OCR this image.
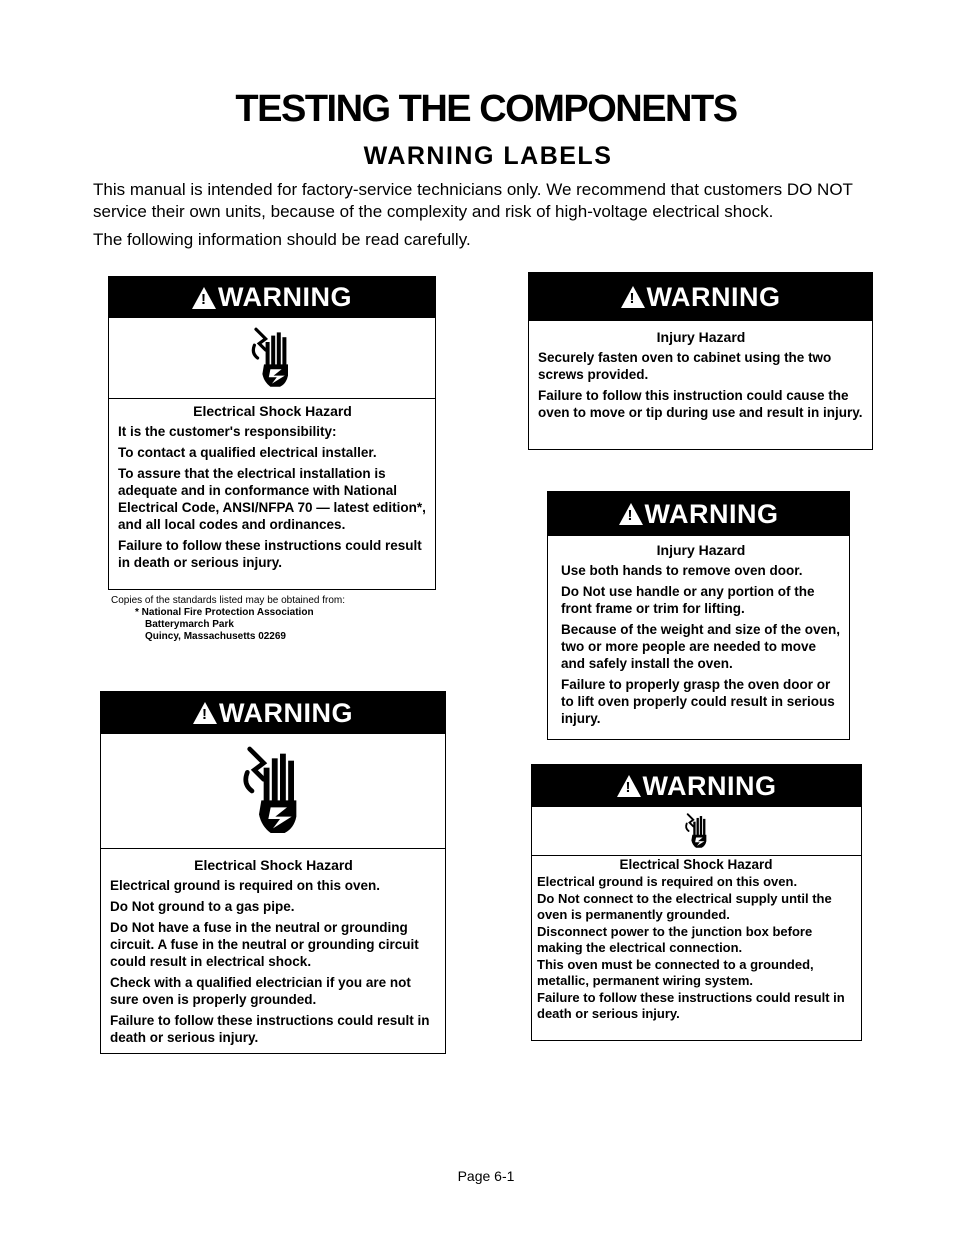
TESTING THE COMPONENTS
WARNING LABELS

This manual is intended for factory-service technicians only. We recommend that customers DO NOT service their own units, because of the complexity and risk of high-voltage electrical shock.

The following information should be read carefully.

! WARNING
Electrical Shock Hazard

It is the customer's responsibility:

To contact a qualified electrical installer.

To assure that the electrical installation is adequate and in conformance with National Electrical Code, ANSI/NFPA 70 — latest edition*, and all local codes and ordinances.

Failure to follow these instructions could result in death or serious injury.

Copies of the standards listed may be obtained from:
* National Fire Protection Association
Batterymarch Park
Quincy, Massachusetts 02269
! WARNING
Injury Hazard

Securely fasten oven to cabinet using the two screws provided.

Failure to follow this instruction could cause the oven to move or tip during use and result in injury.

! WARNING
Injury Hazard

Use both hands to remove oven door.

Do Not use handle or any portion of the front frame or trim for lifting.

Because of the weight and size of the oven, two or more people are needed to move and safely install the oven.

Failure to properly grasp the oven door or to lift oven properly could result in serious injury.

! WARNING
Electrical Shock Hazard

Electrical ground is required on this oven.

Do Not ground to a gas pipe.

Do Not have a fuse in the neutral or grounding circuit. A fuse in the neutral or grounding circuit could result in electrical shock.

Check with a qualified electrician if you are not sure oven is properly grounded.

Failure to follow these instructions could result in death or serious injury.

! WARNING
Electrical Shock Hazard

Electrical ground is required on this oven.

Do Not connect to the electrical supply until the oven is permanently grounded.

Disconnect power to the junction box before making the electrical connection.

This oven must be connected to a grounded, metallic, permanent wiring system.

Failure to follow these instructions could result in death or serious injury.

Page 6-1
